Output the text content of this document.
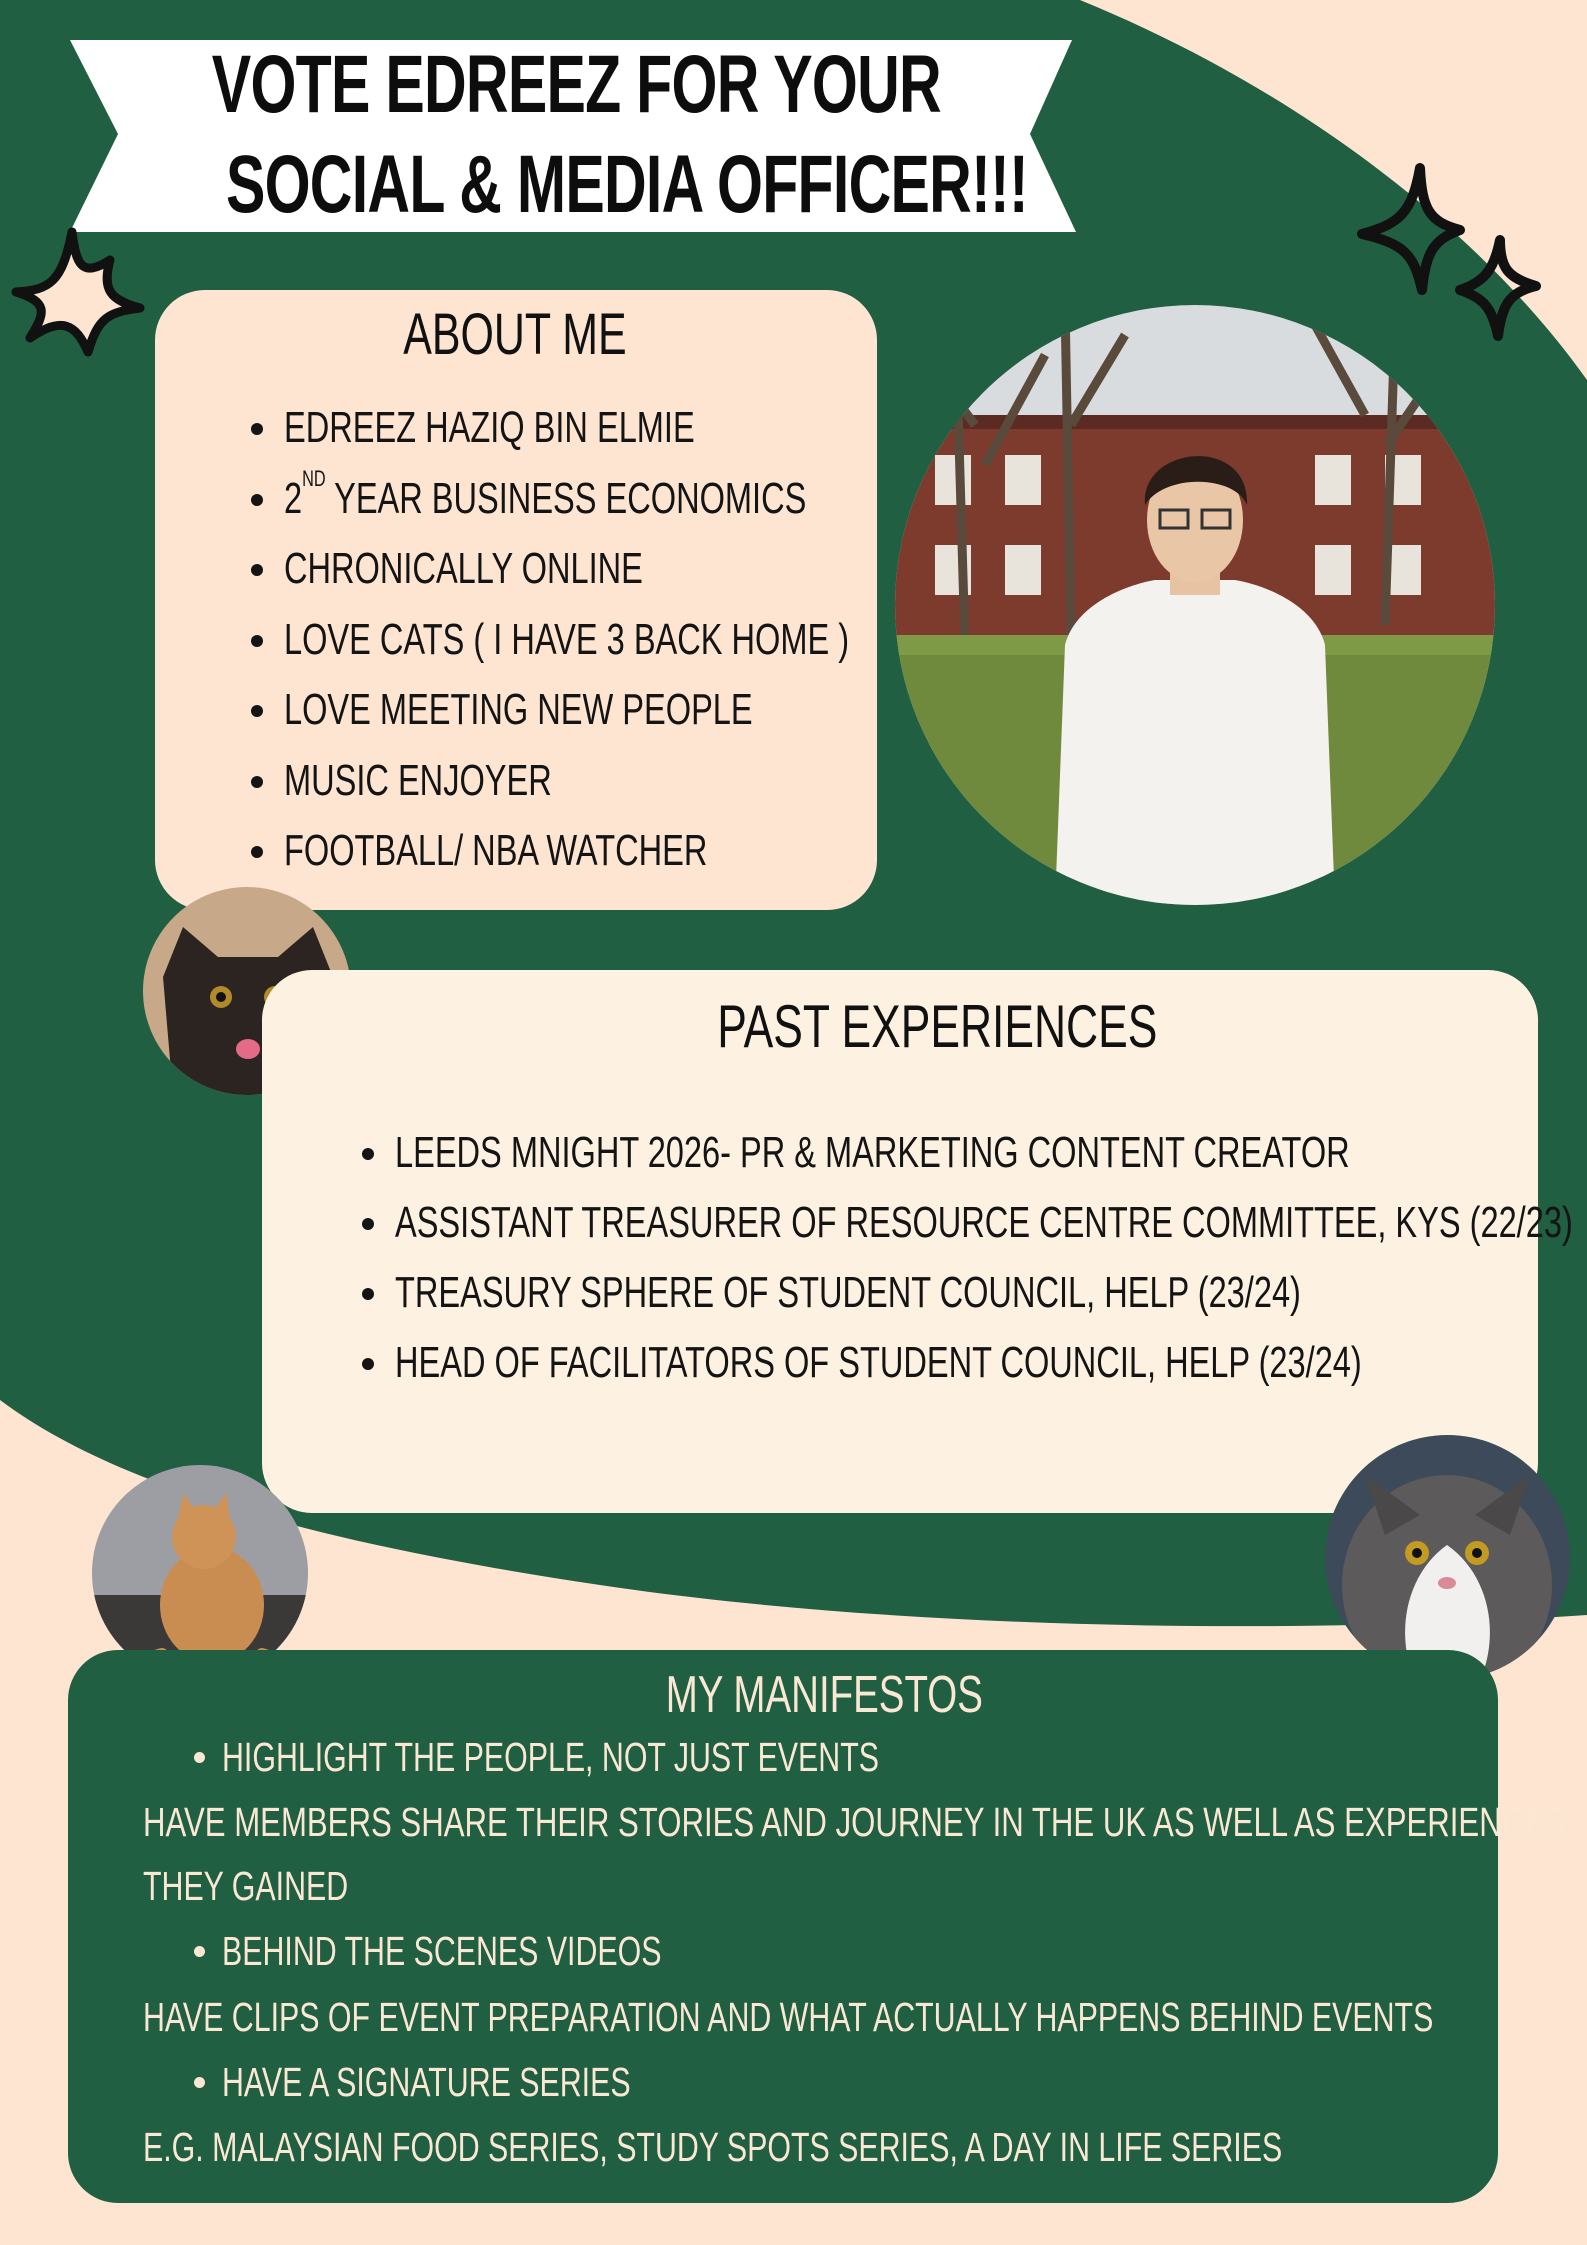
VOTE EDREEZ FOR YOUR
SOCIAL & MEDIA OFFICER!!!
ABOUT ME
EDREEZ HAZIQ BIN ELMIE
2ND YEAR BUSINESS ECONOMICS
CHRONICALLY ONLINE
LOVE CATS ( I HAVE 3 BACK HOME )
LOVE MEETING NEW PEOPLE
MUSIC ENJOYER
FOOTBALL/ NBA WATCHER
PAST EXPERIENCES
LEEDS MNIGHT 2026- PR & MARKETING CONTENT CREATOR
ASSISTANT TREASURER OF RESOURCE CENTRE COMMITTEE, KYS (22/23)
TREASURY SPHERE OF STUDENT COUNCIL, HELP (23/24)
HEAD OF FACILITATORS OF STUDENT COUNCIL, HELP (23/24)
MY MANIFESTOS
HIGHLIGHT THE PEOPLE, NOT JUST EVENTS
HAVE MEMBERS SHARE THEIR STORIES AND JOURNEY IN THE UK AS WELL AS EXPERIENCES
THEY GAINED
BEHIND THE SCENES VIDEOS
HAVE CLIPS OF EVENT PREPARATION AND WHAT ACTUALLY HAPPENS BEHIND EVENTS
HAVE A SIGNATURE SERIES
E.G. MALAYSIAN FOOD SERIES, STUDY SPOTS SERIES, A DAY IN LIFE SERIES
